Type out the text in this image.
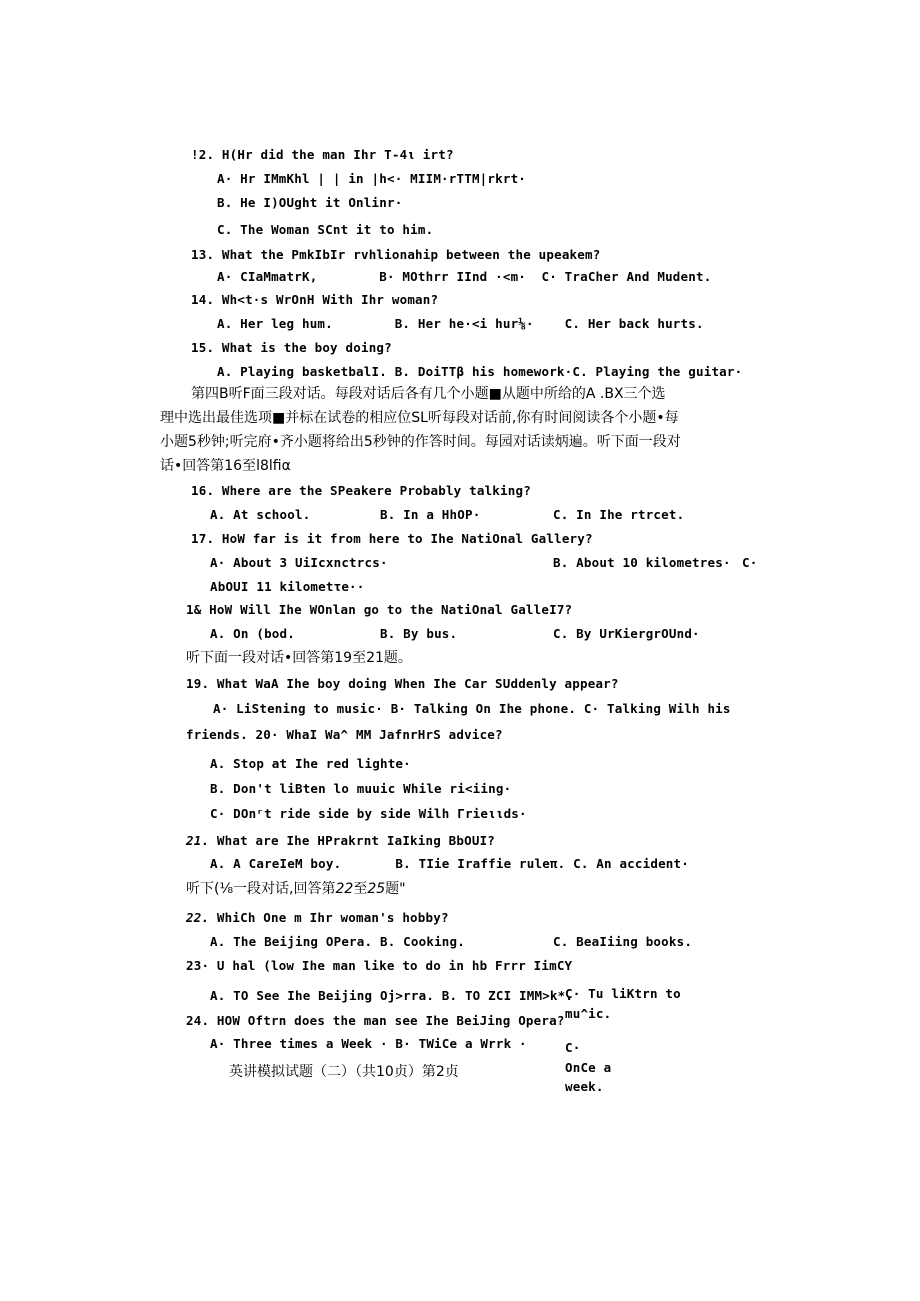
!2. H(Hr did the man Ihr T-4ι irt?
A· Hr IMmKhl | | in |h<· MIIM·rTTM|rkrt·
B. He I)OUght it Onlinr·
C. The Woman SCnt it to him.
13. What the PmkIbIr rvhlionahip between the upeakem?
A· CIaMmatrK,        B· MOthrr IInd ·<m·  C· TraCher And Mudent.
14. Wh<t·s WrOnH With Ihr woman?
A. Her leg hum.        B. Her he·<i hur⅛·    C. Her back hurts.
15. What is the boy doing?
A. Playing basketbalI. B. DoiTTβ his homework·C. Playing the guitar·
第四B听F面三段对话。每段对话后各有几个小题■从题中所给的A .BX三个选
理中选出最佳选项■并标在试卷的相应位SL听每段对话前,你有时间阅读各个小题•每
小题5秒钟;听完府•齐小题将给出5秒钟的作答时间。每园对话读炳遍。听下面一段对
话•回答第16至l8lfiα
16. Where are the SPeakere Probably talking?
A. At school.	B. In a HhOP·	C. In Ihe rtrcet.
17. HoW far is it from here to Ihe NatiOnal Gallery?
A· About 3 UiIcxnctrcs·	B. About 10 kilometres· C·
AbOUI 11 kilometτe··
1& HoW Will Ihe WOnlan go to the NatiOnal GalleI7?
A. On (bod.	B. By bus.	C. By UrKiergrOUnd·
听下面一段对话•回答第19至21题。
19. What WaA Ihe boy doing When Ihe Car SUddenly appear?
A· LiStening to music· B· Talking On Ihe phone. C· Talking Wilh his
friends. 20· WhaI Wa^ MM JafnrHrS advice?
A. Stop at Ihe red lighte·
B. Don't liBten lo muuic While ri<iing·
C· DOnʳt ride side by side Wilh Γrieιιds·
21. What are Ihe HPrakrnt IaIking BbOUI?
A. A CareIeM boy.       B. TIie Iraffie ruleπ. C. An accident·
听下(⅛一段对话,回答第22至25题"
22. WhiCh One m Ihr woman's hobby?
A. The Beijing OPera. B. Cooking.	C. BeaIiing books.
23· U hal (low Ihe man like to do in hb Frrr IimCY
A. TO See Ihe Beijing Oj>rra. B. TO ZCI IMM>k*.
C· Tu liKtrn to
mu^ic.
24. HOW Oftrn does the man see Ihe BeiJing Opera?
A· Three times a Week · B· TWiCe a Wrrk ·	C·
OnCe a
week.
英讲模拟试题（二）（共10贞）第2贞
